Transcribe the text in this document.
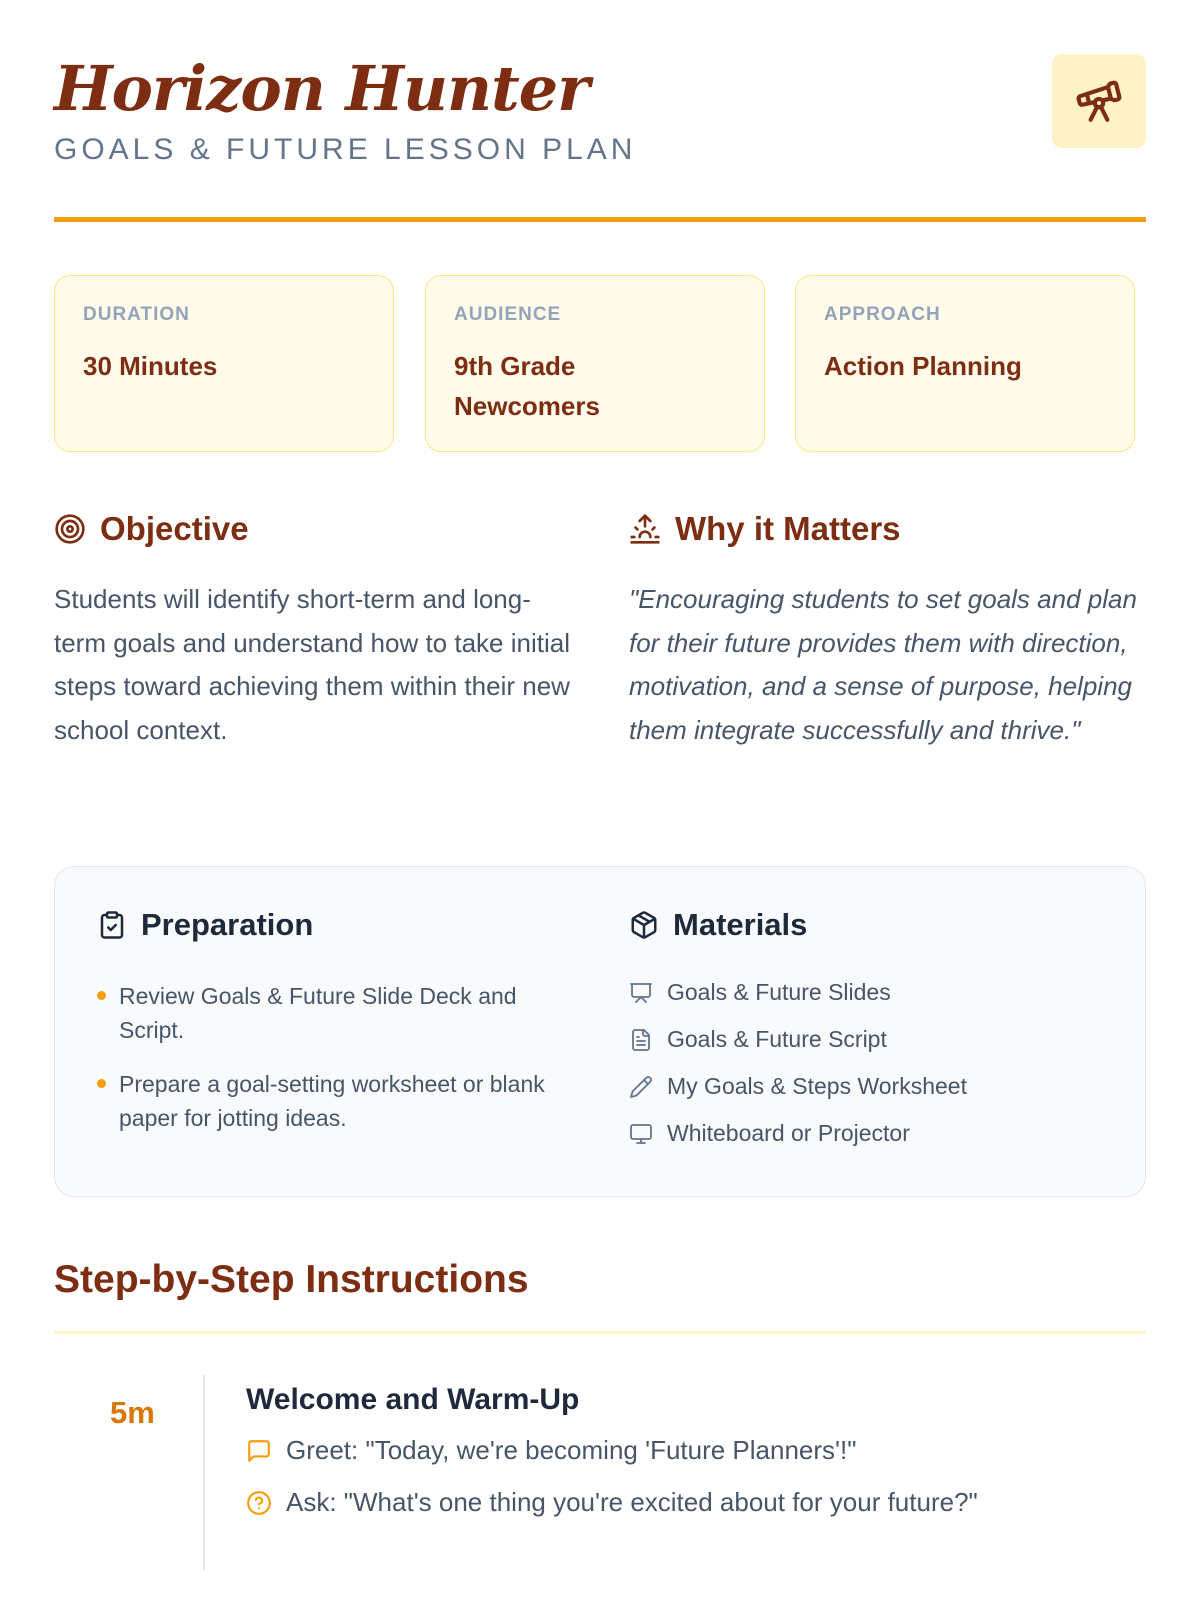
Horizon Hunter
GOALS & FUTURE LESSON PLAN
DURATION
30 Minutes
AUDIENCE
9th Grade Newcomers
APPROACH
Action Planning
Objective
Students will identify short-term and long-term goals and understand how to take initial steps toward achieving them within their new school context.
Why it Matters
"Encouraging students to set goals and plan for their future provides them with direction, motivation, and a sense of purpose, helping them integrate successfully and thrive."
Preparation
Review Goals & Future Slide Deck and Script.
Prepare a goal-setting worksheet or blank paper for jotting ideas.
Materials
Goals & Future Slides
Goals & Future Script
My Goals & Steps Worksheet
Whiteboard or Projector
Step-by-Step Instructions
5m	Welcome and Warm-Up
Greet: "Today, we're becoming 'Future Planners'!"
Ask: "What's one thing you're excited about for your future?"
